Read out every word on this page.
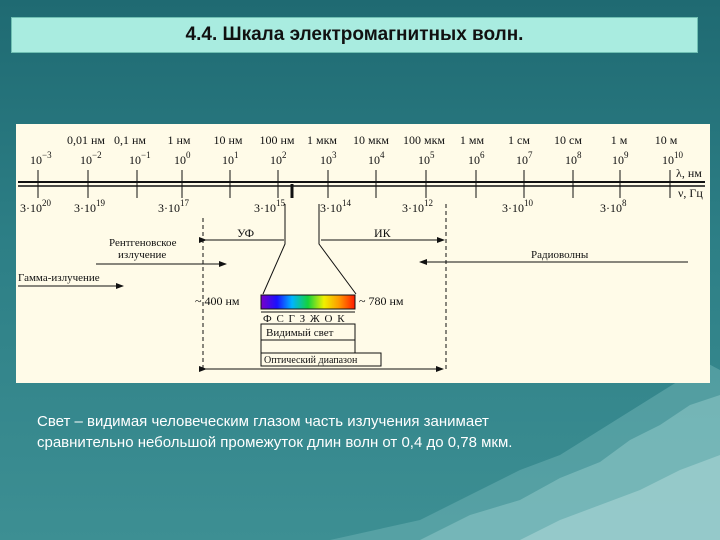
4.4. Шкала электромагнитных волн.
0,01 нм 0,1 нм 1 нм 10 нм 100 нм 1 мкм 10 мкм 100 мкм 1 мм 1 см 10 см 1 м 10 м
$10^{-3}$ $10^{-2}$ $10^{-1}$ $10^0$	$10^1$	$10^2$	$10^3$	$10^4$	$10^5$	$10^6$	$10^7$	$10^8$	$10^9$	$10^{10}$
$3\cdot 10^{20}$ $3\cdot 10^{19}$	$3\cdot 10^{17}$	$3\cdot 10^{15}$	$3\cdot 10^{14}$	$3\cdot 10^{12}$	$3\cdot 10^{10}$	$3\cdot 10^8$
λ, нм
ν, Гц
УФ	ИК
Рентгеновское
излучение
Гамма-излучение
Радиоволны
~ 400 нм	~ 780 нм
Ф С Г З Ж О К
Видимый свет
Оптический диапазон
Свет – видимая человеческим глазом часть излучения занимает
сравнительно небольшой промежуток длин волн от 0,4 до 0,78 мкм.
